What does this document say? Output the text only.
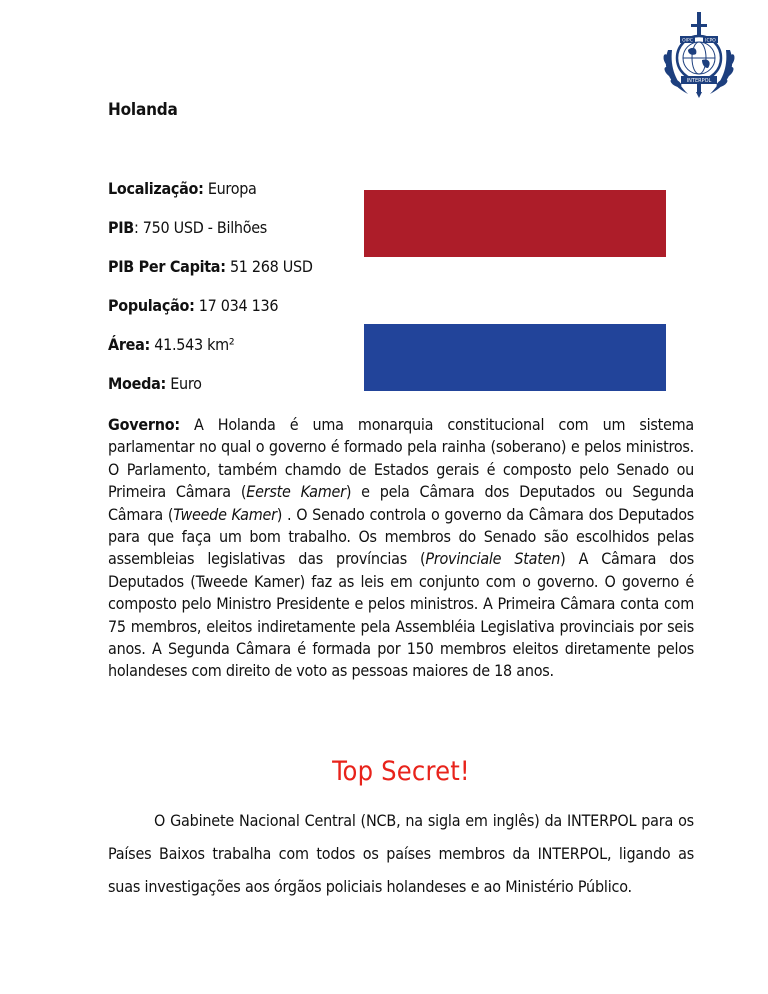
OIPC	ICPO
INTERPOL
Holanda
Localização: Europa
PIB: 750 USD - Bilhões
PIB Per Capita: 51 268 USD
População: 17 034 136
Área: 41.543 km²
Moeda: Euro
Governo: A Holanda é uma monarquia constitucional com um sistema parlamentar no qual o governo é formado pela rainha (soberano) e pelos ministros. O Parlamento, também chamdo de Estados gerais é composto pelo Senado ou Primeira Câmara (Eerste Kamer) e pela Câmara dos Deputados ou Segunda Câmara (Tweede Kamer) . O Senado controla o governo da Câmara dos Deputados para que faça um bom trabalho. Os membros do Senado são escolhidos pelas assembleias legislativas das províncias (Provinciale Staten) A Câmara dos Deputados (Tweede Kamer) faz as leis em conjunto com o governo. O governo é composto pelo Ministro Presidente e pelos ministros. A Primeira Câmara conta com 75 membros, eleitos indiretamente pela Assembléia Legislativa provinciais por seis anos. A Segunda Câmara é formada por 150 membros eleitos diretamente pelos holandeses com direito de voto as pessoas maiores de 18 anos.
Top Secret!
O Gabinete Nacional Central (NCB, na sigla em inglês) da INTERPOL para os Países Baixos trabalha com todos os países membros da INTERPOL, ligando as suas investigações aos órgãos policiais holandeses e ao Ministério Público.
